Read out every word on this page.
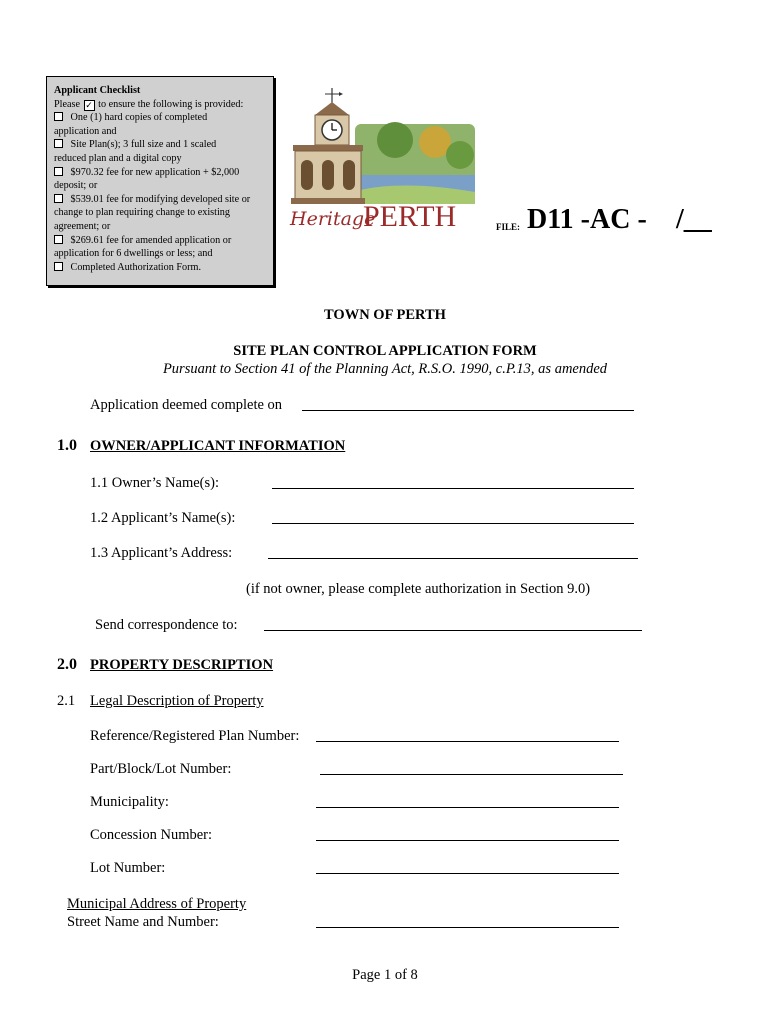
Applicant Checklist

Please ✓ to ensure the following is provided:

One (1) hard copies of completed

application and

Site Plan(s); 3 full size and 1 scaled

reduced plan and a digital copy

$970.32 fee for new application + $2,000

deposit; or

$539.01 fee for modifying developed site or

change to plan requiring change to existing

agreement; or

$269.61 fee for amended application or

application for 6 dwellings or less; and

Completed Authorization Form.

Heritage
PERTH	FILE: D11 -AC - /__
TOWN OF PERTH
SITE PLAN CONTROL APPLICATION FORM
Pursuant to Section 41 of the Planning Act, R.S.O. 1990, c.P.13, as amended
Application deemed complete on
1.0 OWNER/APPLICANT INFORMATION
1.1 Owner’s Name(s):
1.2 Applicant’s Name(s):
1.3 Applicant’s Address:
(if not owner, please complete authorization in Section 9.0)
Send correspondence to:
2.0 PROPERTY DESCRIPTION
2.1 Legal Description of Property
Reference/Registered Plan Number:
Part/Block/Lot Number:
Municipality:
Concession Number:
Lot Number:
Municipal Address of Property
Street Name and Number:
Page 1 of 8
